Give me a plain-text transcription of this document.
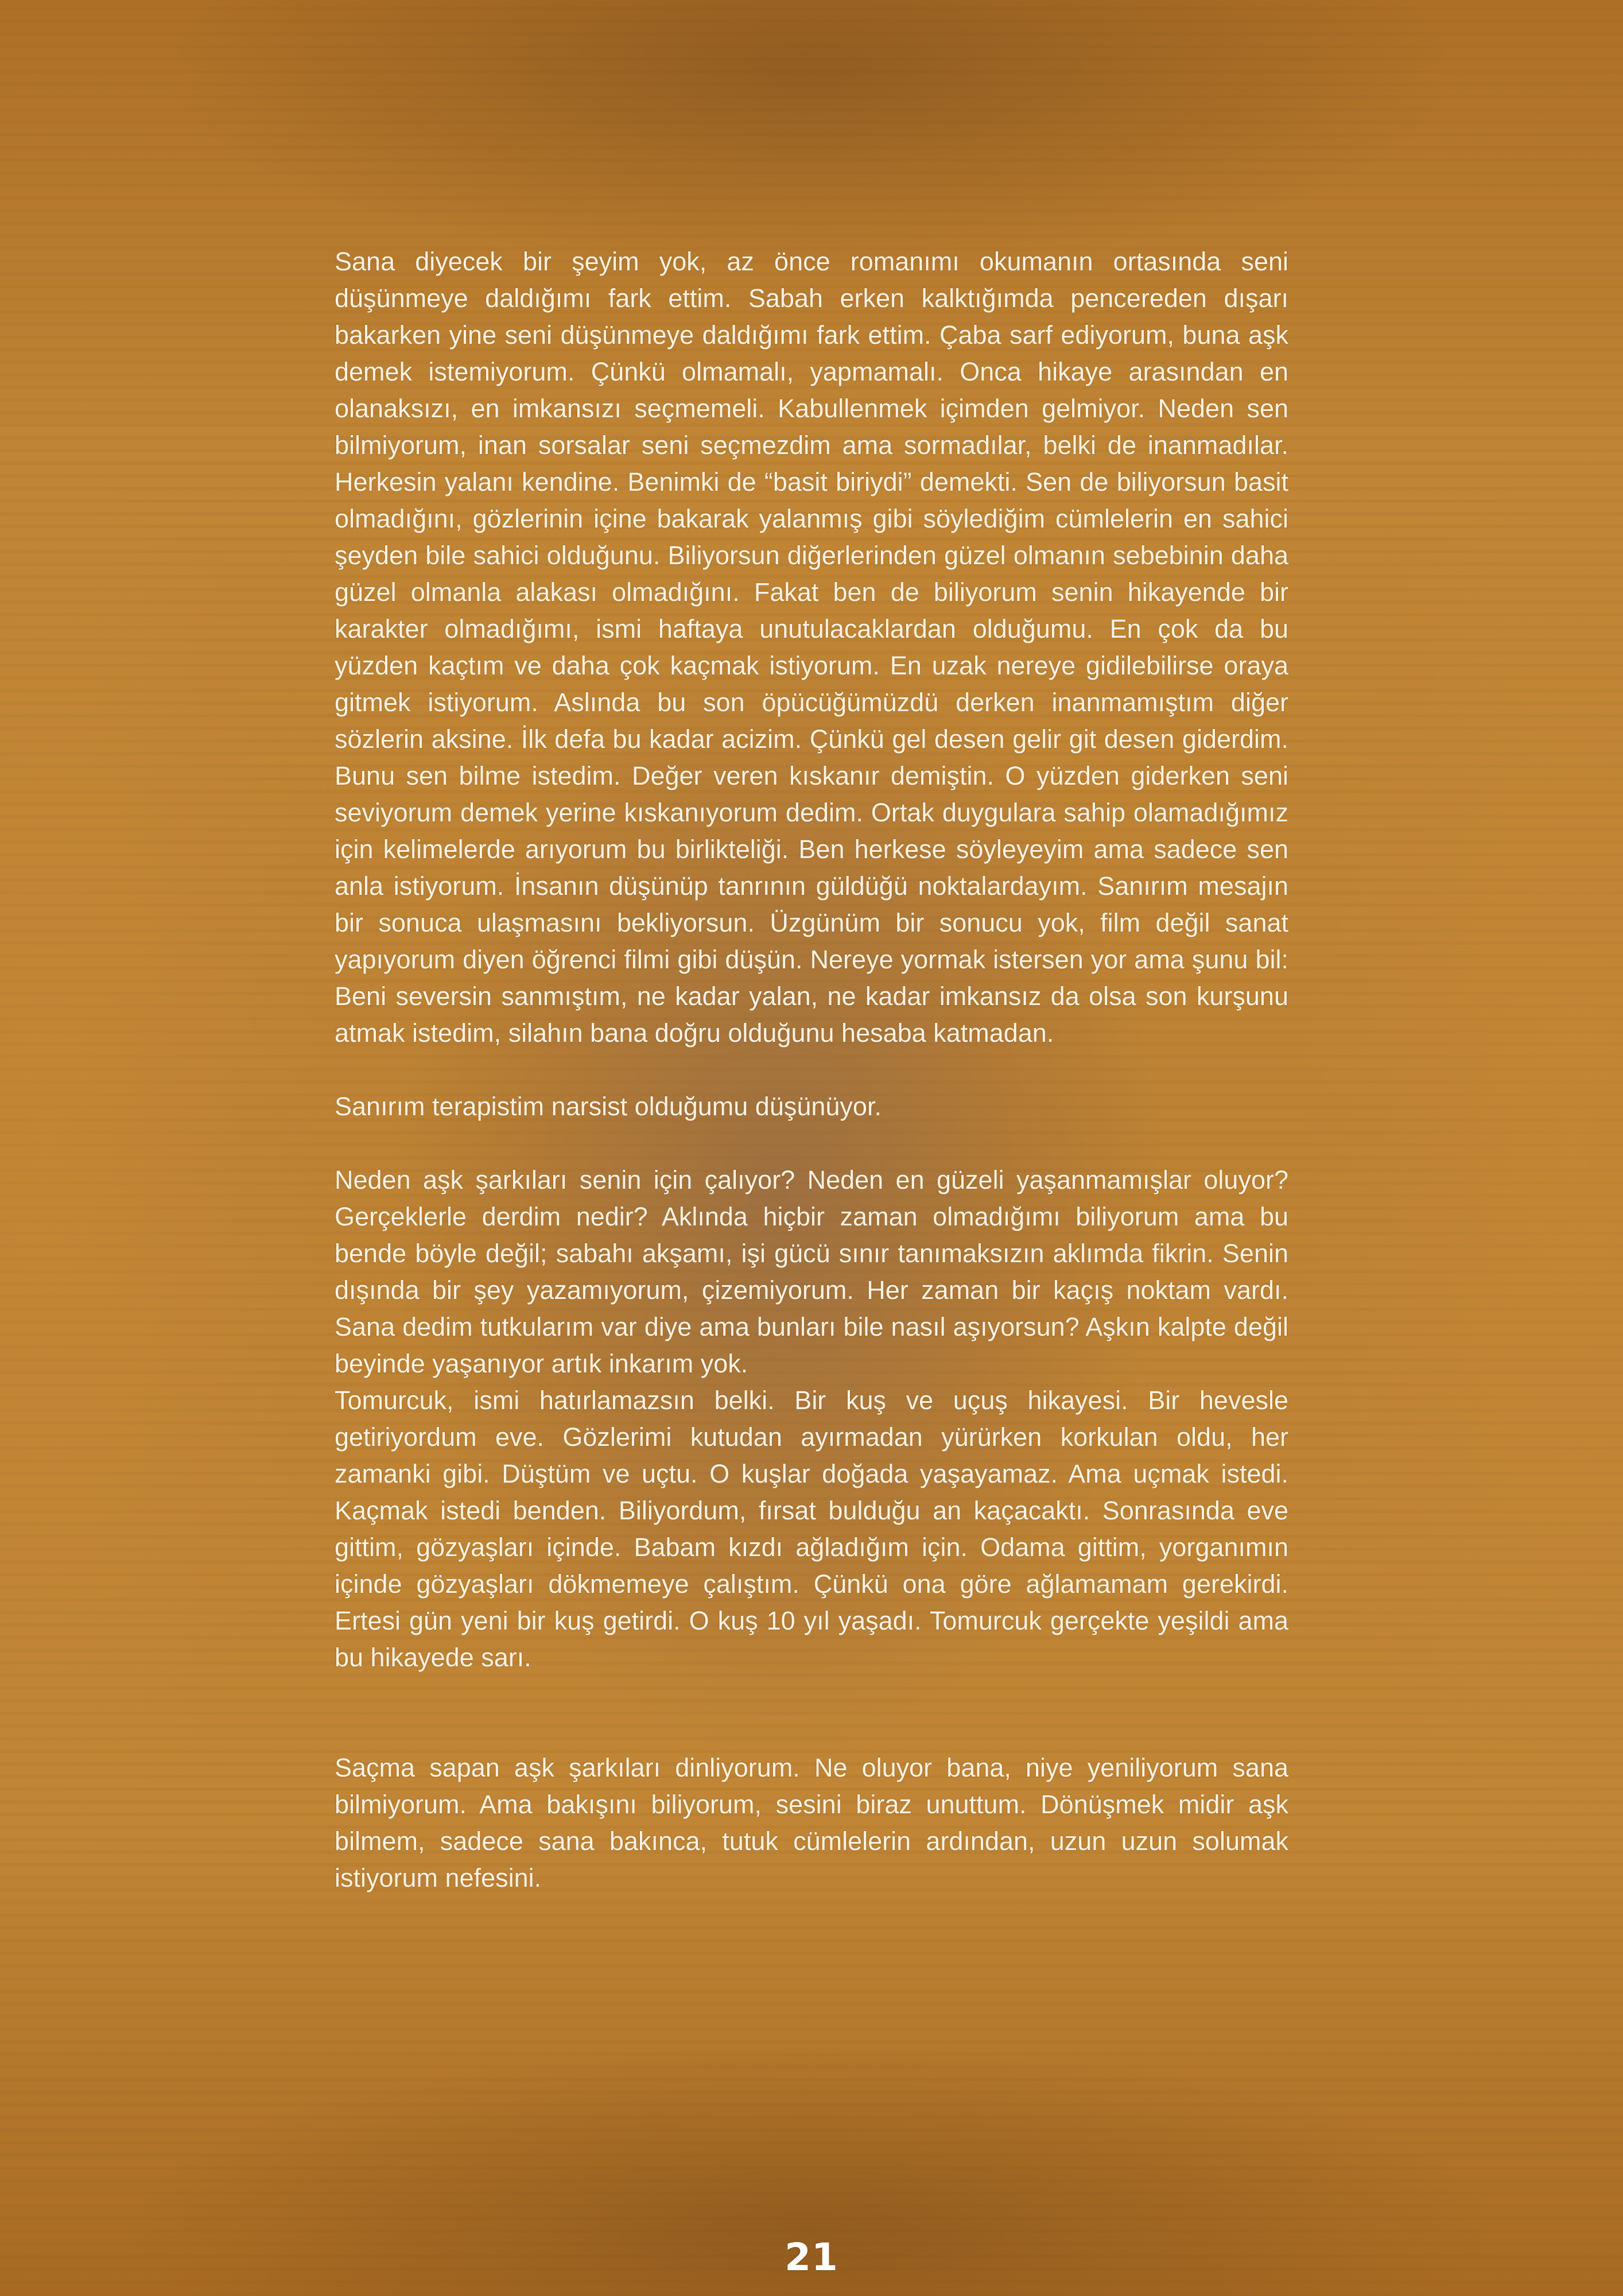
Sana diyecek bir şeyim yok, az önce romanımı okumanın ortasında seni düşünmeye daldığımı fark ettim. Sabah erken kalktığımda pencereden dışarı bakarken yine seni düşünmeye daldığımı fark ettim. Çaba sarf ediyorum, buna aşk demek istemiyorum. Çünkü olmamalı, yapmamalı. Onca hikaye arasından en olanaksızı, en imkansızı seçmemeli. Kabullenmek içimden gelmiyor. Neden sen bilmiyorum, inan sorsalar seni seçmezdim ama sormadılar, belki de inanmadılar. Herkesin yalanı kendine. Benimki de “basit biriydi” demekti. Sen de biliyorsun basit olmadığını, gözlerinin içine bakarak yalanmış gibi söylediğim cümlelerin en sahici şeyden bile sahici olduğunu. Biliyorsun diğerlerinden güzel olmanın sebebinin daha güzel olmanla alakası olmadığını. Fakat ben de biliyorum senin hikayende bir karakter olmadığımı, ismi haftaya unutulacaklardan olduğumu. En çok da bu yüzden kaçtım ve daha çok kaçmak istiyorum. En uzak nereye gidilebilirse oraya gitmek istiyorum. Aslında bu son öpücüğümüzdü derken inanmamıştım diğer sözlerin aksine. İlk defa bu kadar acizim. Çünkü gel desen gelir git desen giderdim. Bunu sen bilme istedim. Değer veren kıskanır demiştin. O yüzden giderken seni seviyorum demek yerine kıskanıyorum dedim. Ortak duygulara sahip olamadığımız için kelimelerde arıyorum bu birlikteliği. Ben herkese söyleyeyim ama sadece sen anla istiyorum. İnsanın düşünüp tanrının güldüğü noktalardayım. Sanırım mesajın bir sonuca ulaşmasını bekliyorsun. Üzgünüm bir sonucu yok, film değil sanat yapıyorum diyen öğrenci filmi gibi düşün. Nereye yormak istersen yor ama şunu bil: Beni seversin sanmıştım, ne kadar yalan, ne kadar imkansız da olsa son kurşunu atmak istedim, silahın bana doğru olduğunu hesaba katmadan.

Sanırım terapistim narsist olduğumu düşünüyor.

Neden aşk şarkıları senin için çalıyor? Neden en güzeli yaşanmamışlar oluyor? Gerçeklerle derdim nedir? Aklında hiçbir zaman olmadığımı biliyorum ama bu bende böyle değil; sabahı akşamı, işi gücü sınır tanımaksızın aklımda fikrin. Senin dışında bir şey yazamıyorum, çizemiyorum. Her zaman bir kaçış noktam vardı. Sana dedim tutkularım var diye ama bunları bile nasıl aşıyorsun? Aşkın kalpte değil beyinde yaşanıyor artık inkarım yok.

Tomurcuk, ismi hatırlamazsın belki. Bir kuş ve uçuş hikayesi. Bir hevesle getiriyordum eve. Gözlerimi kutudan ayırmadan yürürken korkulan oldu, her zamanki gibi. Düştüm ve uçtu. O kuşlar doğada yaşayamaz. Ama uçmak istedi. Kaçmak istedi benden. Biliyordum, fırsat bulduğu an kaçacaktı. Sonrasında eve gittim, gözyaşları içinde. Babam kızdı ağladığım için. Odama gittim, yorganımın içinde gözyaşları dökmemeye çalıştım. Çünkü ona göre ağlamamam gerekirdi. Ertesi gün yeni bir kuş getirdi. O kuş 10 yıl yaşadı. Tomurcuk gerçekte yeşildi ama bu hikayede sarı.

Saçma sapan aşk şarkıları dinliyorum. Ne oluyor bana, niye yeniliyorum sana bilmiyorum. Ama bakışını biliyorum, sesini biraz unuttum. Dönüşmek midir aşk bilmem, sadece sana bakınca, tutuk cümlelerin ardından, uzun uzun solumak istiyorum nefesini.

21
